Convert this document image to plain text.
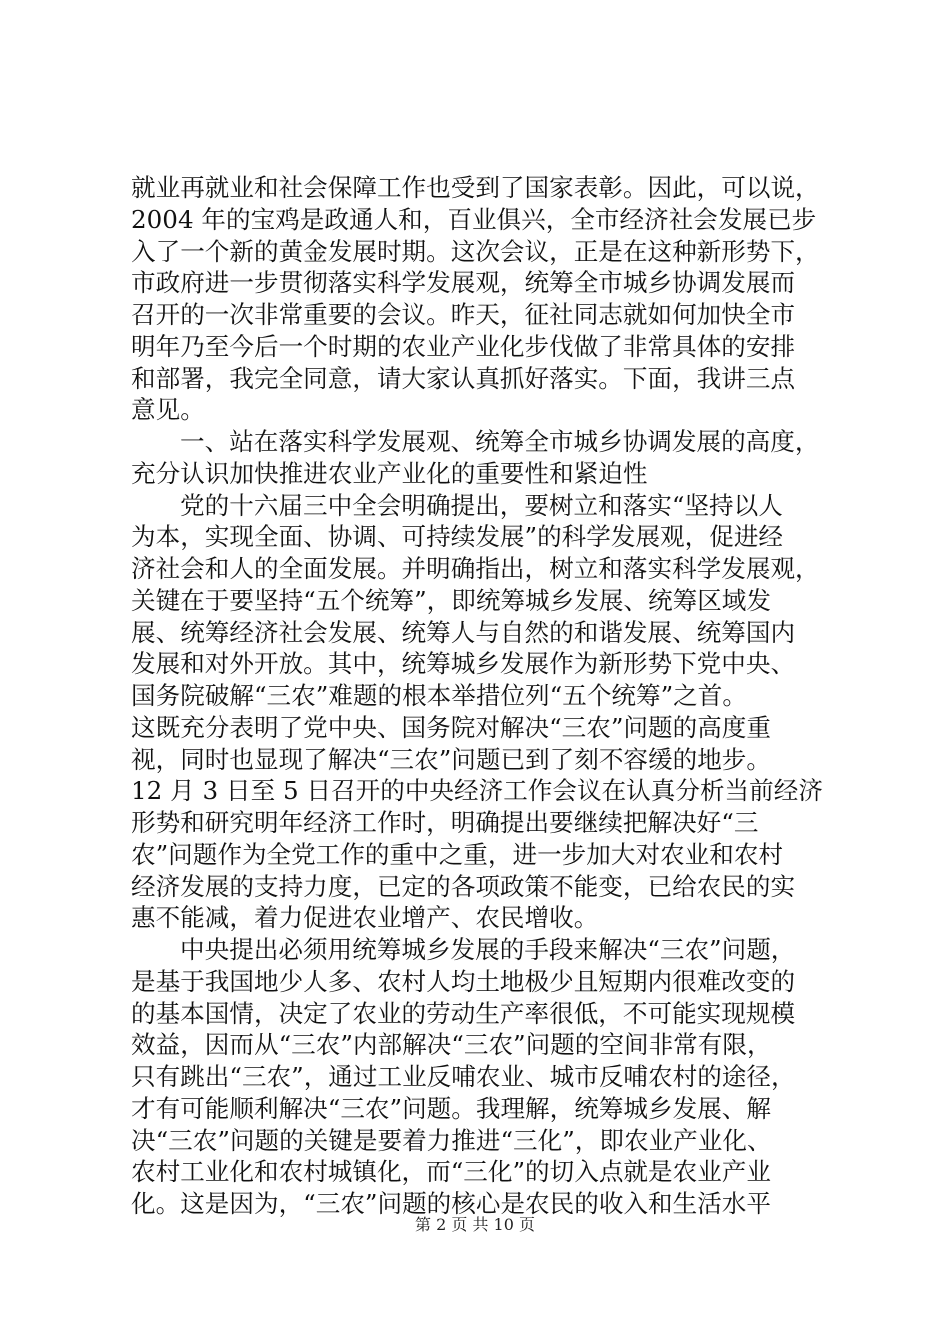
就业再就业和社会保障工作也受到了国家表彰。因此，可以说，
2004 年的宝鸡是政通人和，百业俱兴，全市经济社会发展已步
入了一个新的黄金发展时期。这次会议，正是在这种新形势下，
市政府进一步贯彻落实科学发展观，统筹全市城乡协调发展而
召开的一次非常重要的会议。昨天，征社同志就如何加快全市
明年乃至今后一个时期的农业产业化步伐做了非常具体的安排
和部署，我完全同意，请大家认真抓好落实。下面，我讲三点
意见。
一、站在落实科学发展观、统筹全市城乡协调发展的高度，
充分认识加快推进农业产业化的重要性和紧迫性
党的十六届三中全会明确提出，要树立和落实“坚持以人
为本，实现全面、协调、可持续发展”的科学发展观，促进经
济社会和人的全面发展。并明确指出，树立和落实科学发展观，
关键在于要坚持“五个统筹”，即统筹城乡发展、统筹区域发
展、统筹经济社会发展、统筹人与自然的和谐发展、统筹国内
发展和对外开放。其中，统筹城乡发展作为新形势下党中央、
国务院破解“三农”难题的根本举措位列“五个统筹”之首。
这既充分表明了党中央、国务院对解决“三农”问题的高度重
视，同时也显现了解决“三农”问题已到了刻不容缓的地步。
12 月 3 日至 5 日召开的中央经济工作会议在认真分析当前经济
形势和研究明年经济工作时，明确提出要继续把解决好“三
农”问题作为全党工作的重中之重，进一步加大对农业和农村
经济发展的支持力度，已定的各项政策不能变，已给农民的实
惠不能减，着力促进农业增产、农民增收。
中央提出必须用统筹城乡发展的手段来解决“三农”问题，
是基于我国地少人多、农村人均土地极少且短期内很难改变的
的基本国情，决定了农业的劳动生产率很低，不可能实现规模
效益，因而从“三农”内部解决“三农”问题的空间非常有限，
只有跳出“三农”，通过工业反哺农业、城市反哺农村的途径，
才有可能顺利解决“三农”问题。我理解，统筹城乡发展、解
决“三农”问题的关键是要着力推进“三化”，即农业产业化、
农村工业化和农村城镇化，而“三化”的切入点就是农业产业
化。这是因为，“三农”问题的核心是农民的收入和生活水平
第 2 页 共 10 页
